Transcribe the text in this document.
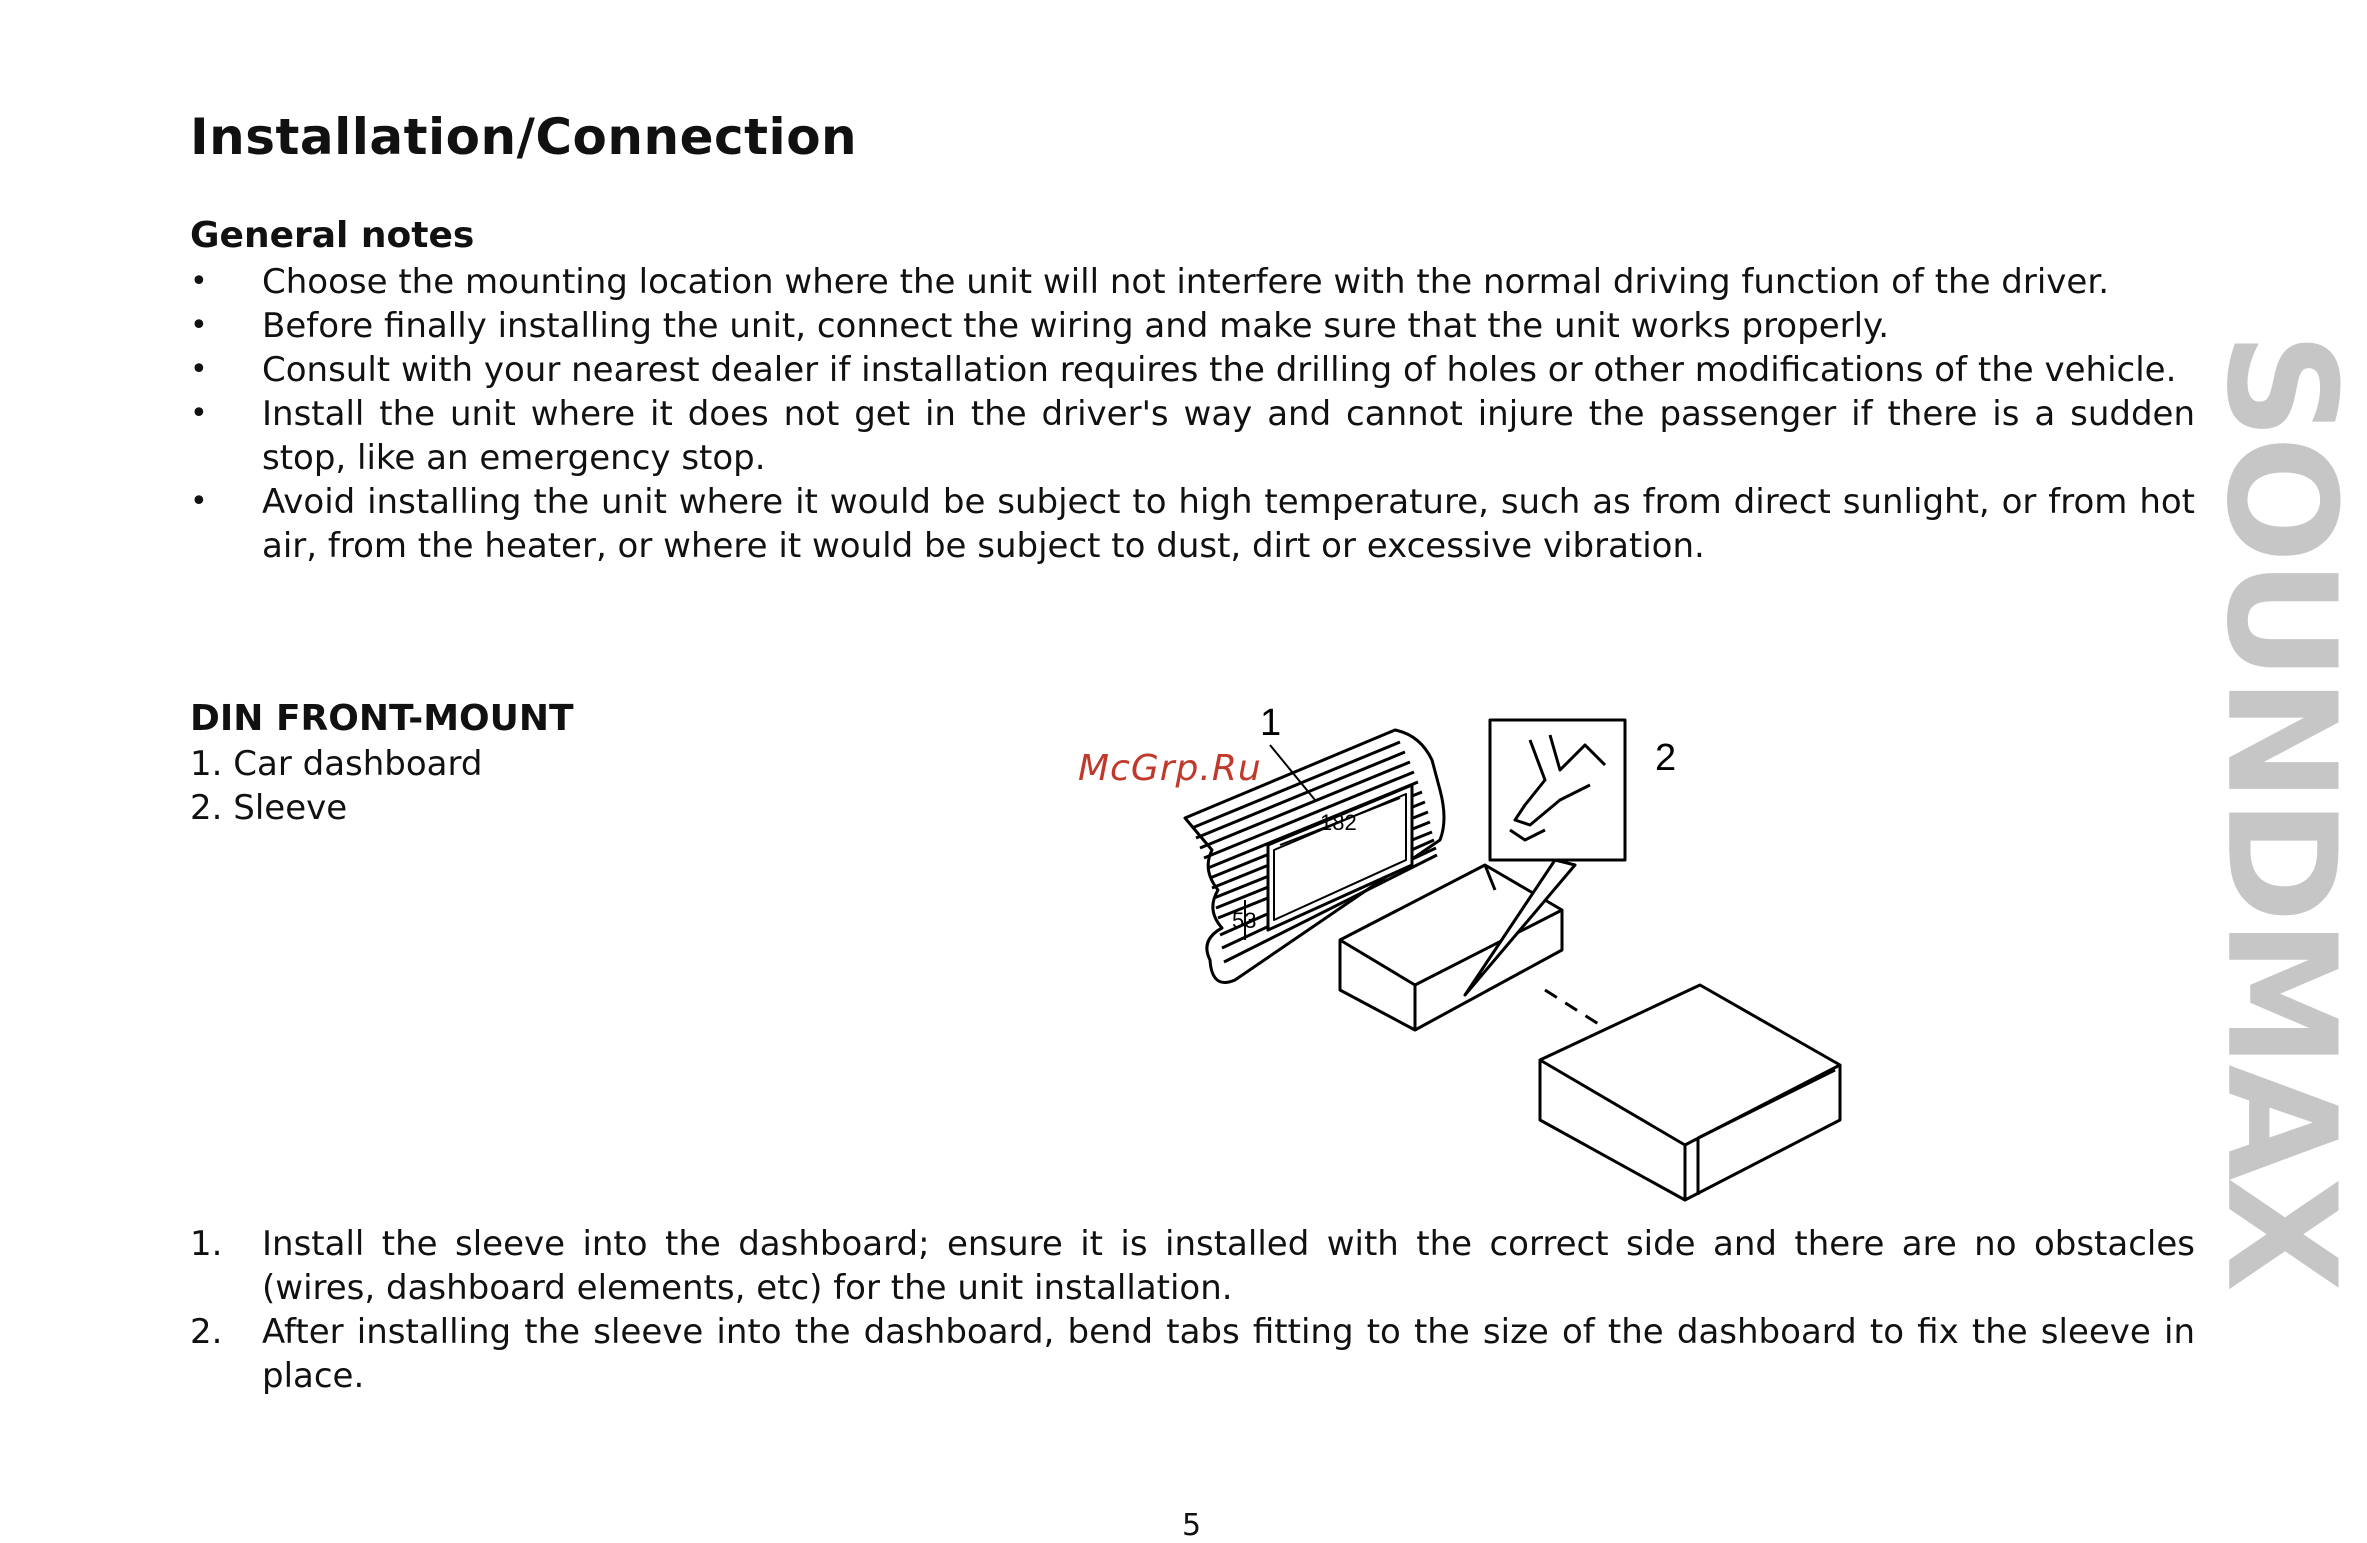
Installation/Connection
General notes
• Choose the mounting location where the unit will not interfere with the normal driving function of the driver.
• Before finally installing the unit, connect the wiring and make sure that the unit works properly.
• Consult with your nearest dealer if installation requires the drilling of holes or other modifications of the vehicle.
• Install the unit where it does not get in the driver's way and cannot injure the passenger if there is a sudden stop, like an emergency stop.
• Avoid installing the unit where it would be subject to high temperature, such as from direct sunlight, or from hot air, from the heater, or where it would be subject to dust, dirt or excessive vibration.
DIN FRONT-MOUNT
1. Car dashboard
2. Sleeve
McGrp.Ru
1
2
182
53
1. Install the sleeve into the dashboard; ensure it is installed with the correct side and there are no obstacles (wires, dashboard elements, etc) for the unit installation.
2. After installing the sleeve into the dashboard, bend tabs fitting to the size of the dashboard to fix the sleeve in place.
SOUNDMAX
5
